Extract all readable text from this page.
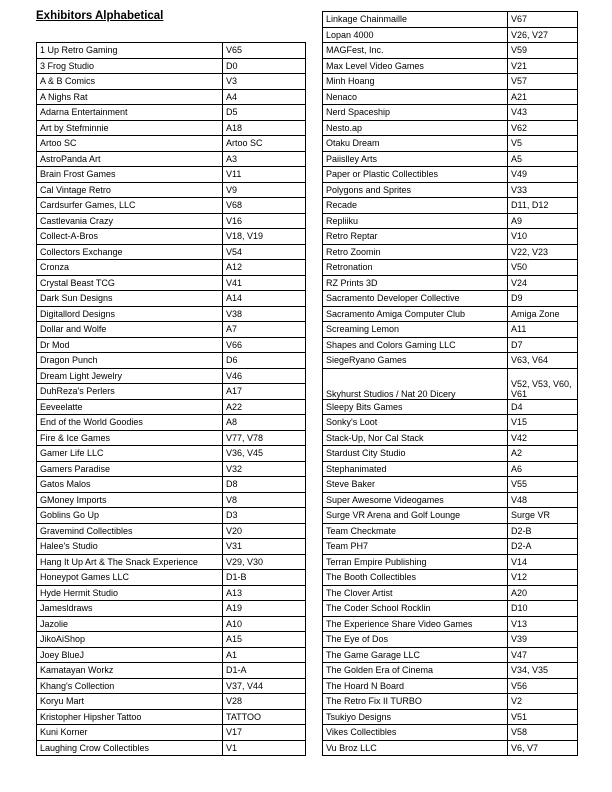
Exhibitors Alphabetical
1 Up Retro Gaming	V65
3 Frog Studio	D0
A & B Comics	V3
A Nighs Rat	A4
Adarna Entertainment	D5
Art by Stefminnie	A18
Artoo SC	Artoo SC
AstroPanda Art	A3
Brain Frost Games	V11
Cal Vintage Retro	V9
Cardsurfer Games, LLC	V68
Castlevania Crazy	V16
Collect-A-Bros	V18, V19
Collectors Exchange	V54
Cronza	A12
Crystal Beast TCG	V41
Dark Sun Designs	A14
Digitallord Designs	V38
Dollar and Wolfe	A7
Dr Mod	V66
Dragon Punch	D6
Dream Light Jewelry	V46
DuhReza's Perlers	A17
Eeveelatte	A22
End of the World Goodies	A8
Fire & Ice Games	V77, V78
Gamer Life LLC	V36, V45
Gamers Paradise	V32
Gatos Malos	D8
GMoney Imports	V8
Goblins Go Up	D3
Gravemind Collectibles	V20
Halee's Studio	V31
Hang It Up Art & The Snack Experience	V29, V30
Honeypot Games LLC	D1-B
Hyde Hermit Studio	A13
Jamesldraws	A19
Jazolie	A10
JikoAiShop	A15
Joey BlueJ	A1
Kamatayan Workz	D1-A
Khang's Collection	V37, V44
Koryu Mart	V28
Kristopher Hipsher Tattoo	TATTOO
Kuni Korner	V17
Laughing Crow Collectibles	V1
Linkage Chainmaille	V67
Lopan 4000	V26, V27
MAGFest, Inc.	V59
Max Level Video Games	V21
Minh Hoang	V57
Nenaco	A21
Nerd Spaceship	V43
Nesto.ap	V62
Otaku Dream	V5
Paiislley Arts	A5
Paper or Plastic Collectibles	V49
Polygons and Sprites	V33
Recade	D11, D12
Repliiku	A9
Retro Reptar	V10
Retro Zoomin	V22, V23
Retronation	V50
RZ Prints 3D	V24
Sacramento Developer Collective	D9
Sacramento Amiga Computer Club	Amiga Zone
Screaming Lemon	A11
Shapes and Colors Gaming LLC	D7
SiegeRyano Games	V63, V64
Skyhurst Studios / Nat 20 Dicery	V52, V53, V60, V61
Sleepy Bits Games	D4
Sonky's Loot	V15
Stack-Up, Nor Cal Stack	V42
Stardust City Studio	A2
Stephanimated	A6
Steve Baker	V55
Super Awesome Videogames	V48
Surge VR Arena and Golf Lounge	Surge VR
Team Checkmate	D2-B
Team PH7	D2-A
Terran Empire Publishing	V14
The Booth Collectibles	V12
The Clover Artist	A20
The Coder School Rocklin	D10
The Experience Share Video Games	V13
The Eye of Dos	V39
The Game Garage LLC	V47
The Golden Era of Cinema	V34, V35
The Hoard N Board	V56
The Retro Fix II TURBO	V2
Tsukiyo Designs	V51
Vikes Collectibles	V58
Vu Broz LLC	V6, V7
